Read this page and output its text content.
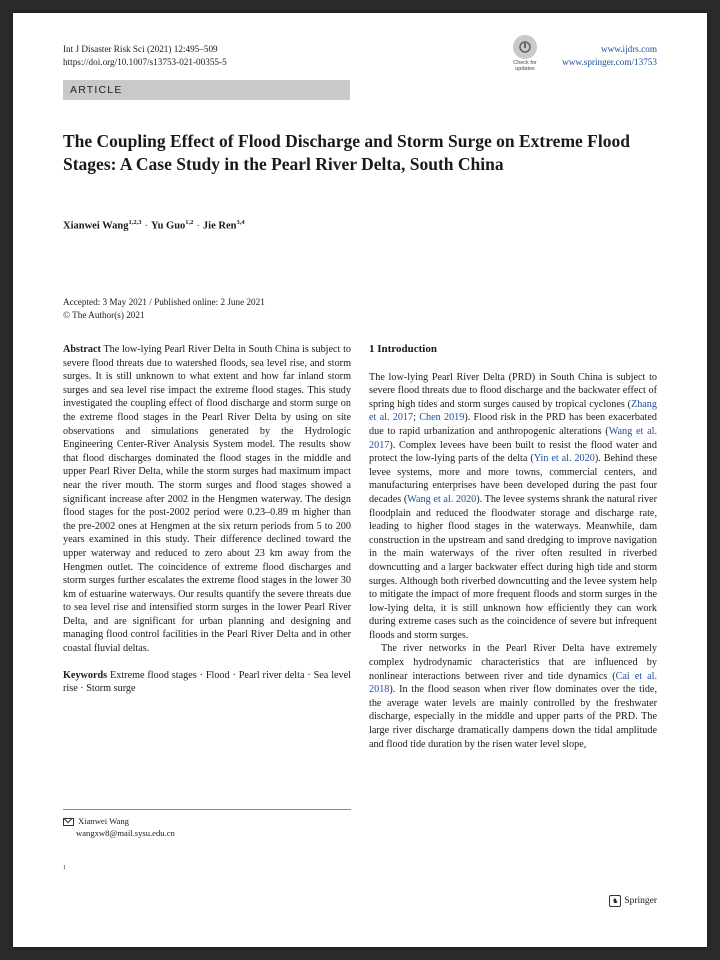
Int J Disaster Risk Sci (2021) 12:495–509
https://doi.org/10.1007/s13753-021-00355-5	Check for
updates
www.ijdrs.com
www.springer.com/13753
ARTICLE
The Coupling Effect of Flood Discharge and Storm Surge on Extreme Flood Stages: A Case Study in the Pearl River Delta, South China
Xianwei Wang$^{1,2,3}$ · Yu Guo$^{1,2}$ · Jie Ren$^{3,4}$
Accepted: 3 May 2021 / Published online: 2 June 2021
© The Author(s) 2021

Abstract The low-lying Pearl River Delta in South China is subject to severe flood threats due to watershed floods, sea level rise, and storm surges. It is still unknown to what extent and how far inland storm surges and sea level rise impact the extreme flood stages. This study investigated the coupling effect of flood discharge and storm surge on the extreme flood stages in the Pearl River Delta by using on site observations and simulations generated by the Hydrologic Engineering Center-River Analysis System model. The results show that flood discharges dominated the flood stages in the middle and upper Pearl River Delta, while the storm surges had maximum impact near the river mouth. The storm surges and flood stages showed a significant increase after 2002 in the Hengmen waterway. The design flood stages for the post-2002 period were 0.23–0.89 m higher than the pre-2002 ones at Hengmen at the six return periods from 5 to 200 years examined in this study. Their difference declined toward the upper waterway and reduced to zero about 23 km away from the Hengmen outlet. The coincidence of extreme flood discharges and storm surges further escalates the extreme flood stages in the lower 30 km of estuarine waterways. Our results quantify the severe threats due to sea level rise and intensified storm surges in the lower Pearl River Delta, and are significant for urban planning and designing and managing flood control facilities in the Pearl River Delta and in other coastal fluvial deltas.

Keywords Extreme flood stages · Flood · Pearl river delta · Sea level rise · Storm surge

Xianwei Wang
wangxw8@mail.sysu.edu.cn
1

1 Introduction

The low-lying Pearl River Delta (PRD) in South China is subject to severe flood threats due to flood discharge and the backwater effect of spring high tides and storm surges caused by tropical cyclones (Zhang et al. 2017; Chen 2019). Flood risk in the PRD has been exacerbated due to rapid urbanization and anthropogenic alterations (Wang et al. 2017). Complex levees have been built to resist the flood water and protect the low-lying parts of the delta (Yin et al. 2020). Behind these levee systems, more and more towns, commercial centers, and manufacturing enterprises have been developed during the past four decades (Wang et al. 2020). The levee systems shrank the natural river floodplain and reduced the floodwater storage and discharge rate, leading to higher flood stages in the waterways. Meanwhile, dam construction in the upstream and sand dredging to improve navigation in the main waterways of the river often resulted in riverbed downcutting and a larger backwater effect during high tide and storm surges. Although both riverbed downcutting and the levee system help to mitigate the impact of more frequent floods and storm surges in the low-lying delta, it is still unknown how efficiently they can work during extreme cases such as the coincidence of severe but infrequent floods and storm surges.

The river networks in the Pearl River Delta have extremely complex hydrodynamic characteristics that are influenced by nonlinear interactions between river and tide dynamics (Cai et al. 2018). In the flood season when river flow dominates over the tide, the average water levels are mainly controlled by the freshwater discharge, especially in the middle and upper parts of the PRD. The large river discharge dramatically dampens down the tidal amplitude and flood tide duration by the risen water level slope,

♞ Springer
